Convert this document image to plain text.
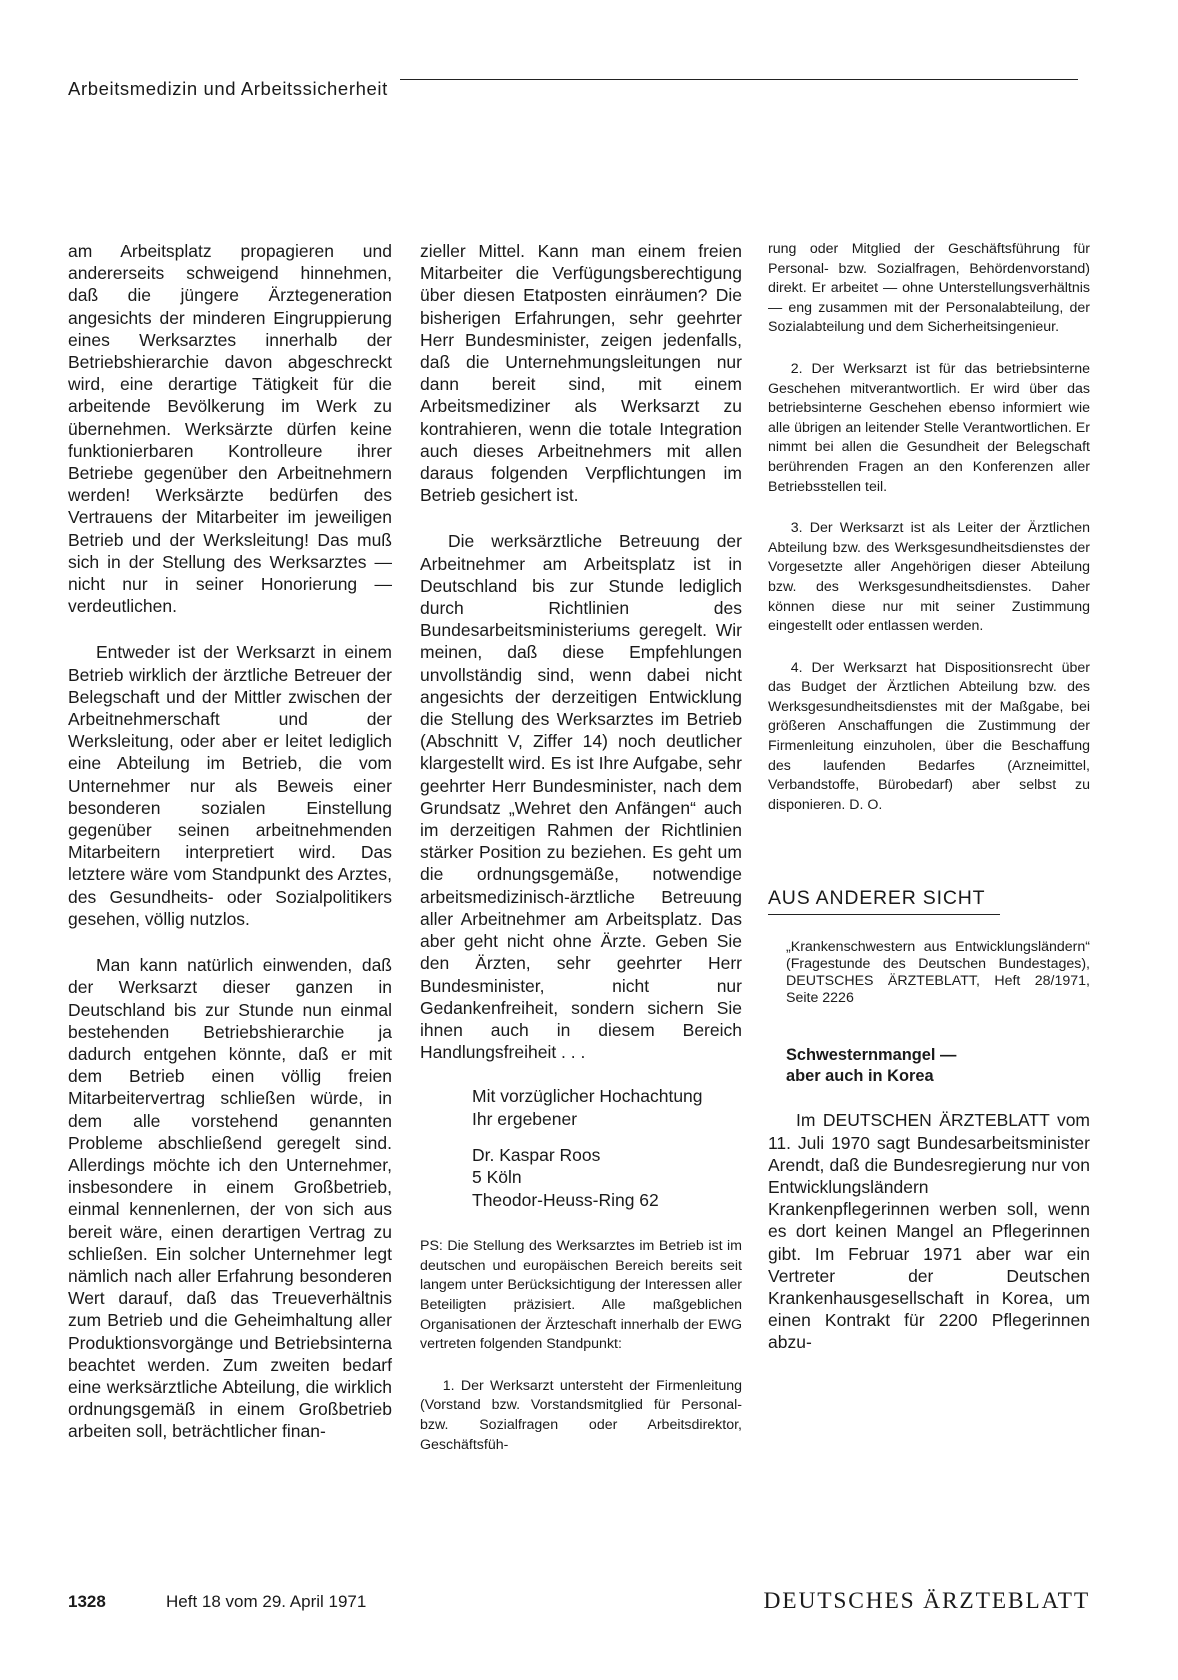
Arbeitsmedizin und Arbeitssicherheit

am Arbeitsplatz propagieren und andererseits schweigend hinnehmen, daß die jüngere Ärztegeneration angesichts der minderen Eingruppierung eines Werksarztes innerhalb der Betriebshierarchie davon abgeschreckt wird, eine derartige Tätigkeit für die arbeitende Bevölkerung im Werk zu übernehmen. Werksärzte dürfen keine funktionierbaren Kontrolleure ihrer Betriebe gegenüber den Arbeitnehmern werden! Werksärzte bedürfen des Vertrauens der Mitarbeiter im jeweiligen Betrieb und der Werksleitung! Das muß sich in der Stellung des Werksarztes — nicht nur in seiner Honorierung — verdeutlichen.

Entweder ist der Werksarzt in einem Betrieb wirklich der ärztliche Betreuer der Belegschaft und der Mittler zwischen der Arbeitnehmerschaft und der Werksleitung, oder aber er leitet lediglich eine Abteilung im Betrieb, die vom Unternehmer nur als Beweis einer besonderen sozialen Einstellung gegenüber seinen arbeitnehmenden Mitarbeitern interpretiert wird. Das letztere wäre vom Standpunkt des Arztes, des Gesundheits- oder Sozialpolitikers gesehen, völlig nutzlos.

Man kann natürlich einwenden, daß der Werksarzt dieser ganzen in Deutschland bis zur Stunde nun einmal bestehenden Betriebshierarchie ja dadurch entgehen könnte, daß er mit dem Betrieb einen völlig freien Mitarbeitervertrag schließen würde, in dem alle vorstehend genannten Probleme abschließend geregelt sind. Allerdings möchte ich den Unternehmer, insbesondere in einem Großbetrieb, einmal kennenlernen, der von sich aus bereit wäre, einen derartigen Vertrag zu schließen. Ein solcher Unternehmer legt nämlich nach aller Erfahrung besonderen Wert darauf, daß das Treueverhältnis zum Betrieb und die Geheimhaltung aller Produktionsvorgänge und Betriebsinterna beachtet werden. Zum zweiten bedarf eine werksärztliche Abteilung, die wirklich ordnungsgemäß in einem Großbetrieb arbeiten soll, beträchtlicher finan-

zieller Mittel. Kann man einem freien Mitarbeiter die Verfügungsberechtigung über diesen Etatposten einräumen? Die bisherigen Erfahrungen, sehr geehrter Herr Bundesminister, zeigen jedenfalls, daß die Unternehmungsleitungen nur dann bereit sind, mit einem Arbeitsmediziner als Werksarzt zu kontrahieren, wenn die totale Integration auch dieses Arbeitnehmers mit allen daraus folgenden Verpflichtungen im Betrieb gesichert ist.

Die werksärztliche Betreuung der Arbeitnehmer am Arbeitsplatz ist in Deutschland bis zur Stunde lediglich durch Richtlinien des Bundesarbeitsministeriums geregelt. Wir meinen, daß diese Empfehlungen unvollständig sind, wenn dabei nicht angesichts der derzeitigen Entwicklung die Stellung des Werksarztes im Betrieb (Abschnitt V, Ziffer 14) noch deutlicher klargestellt wird. Es ist Ihre Aufgabe, sehr geehrter Herr Bundesminister, nach dem Grundsatz „Wehret den Anfängen“ auch im derzeitigen Rahmen der Richtlinien stärker Position zu beziehen. Es geht um die ordnungsgemäße, notwendige arbeitsmedizinisch-ärztliche Betreuung aller Arbeitnehmer am Arbeitsplatz. Das aber geht nicht ohne Ärzte. Geben Sie den Ärzten, sehr geehrter Herr Bundesminister, nicht nur Gedankenfreiheit, sondern sichern Sie ihnen auch in diesem Bereich Handlungsfreiheit . . .

Mit vorzüglicher Hochachtung
Ihr ergebener
Dr. Kaspar Roos
5 Köln
Theodor-Heuss-Ring 62

PS: Die Stellung des Werksarztes im Betrieb ist im deutschen und europäischen Bereich bereits seit langem unter Berücksichtigung der Interessen aller Beteiligten präzisiert. Alle maßgeblichen Organisationen der Ärzteschaft innerhalb der EWG vertreten folgenden Standpunkt:

1. Der Werksarzt untersteht der Firmenleitung (Vorstand bzw. Vorstandsmitglied für Personal- bzw. Sozialfragen oder Arbeitsdirektor, Geschäftsfüh-

rung oder Mitglied der Geschäftsführung für Personal- bzw. Sozialfragen, Behördenvorstand) direkt. Er arbeitet — ohne Unterstellungsverhältnis — eng zusammen mit der Personalabteilung, der Sozialabteilung und dem Sicherheitsingenieur.

2. Der Werksarzt ist für das betriebsinterne Geschehen mitverantwortlich. Er wird über das betriebsinterne Geschehen ebenso informiert wie alle übrigen an leitender Stelle Verantwortlichen. Er nimmt bei allen die Gesundheit der Belegschaft berührenden Fragen an den Konferenzen aller Betriebsstellen teil.

3. Der Werksarzt ist als Leiter der Ärztlichen Abteilung bzw. des Werksgesundheitsdienstes der Vorgesetzte aller Angehörigen dieser Abteilung bzw. des Werksgesundheitsdienstes. Daher können diese nur mit seiner Zustimmung eingestellt oder entlassen werden.

4. Der Werksarzt hat Dispositionsrecht über das Budget der Ärztlichen Abteilung bzw. des Werksgesundheitsdienstes mit der Maßgabe, bei größeren Anschaffungen die Zustimmung der Firmenleitung einzuholen, über die Beschaffung des laufenden Bedarfes (Arzneimittel, Verbandstoffe, Bürobedarf) aber selbst zu disponieren. D. O.

AUS ANDERER SICHT

„Krankenschwestern aus Entwicklungsländern“ (Fragestunde des Deutschen Bundestages), DEUTSCHES ÄRZTEBLATT, Heft 28/1971, Seite 2226

Schwesternmangel —
aber auch in Korea

Im DEUTSCHEN ÄRZTEBLATT vom 11. Juli 1970 sagt Bundesarbeitsminister Arendt, daß die Bundesregierung nur von Entwicklungsländern Krankenpflegerinnen werben soll, wenn es dort keinen Mangel an Pflegerinnen gibt. Im Februar 1971 aber war ein Vertreter der Deutschen Krankenhausgesellschaft in Korea, um einen Kontrakt für 2200 Pflegerinnen abzu-

1328	Heft 18 vom 29. April 1971	DEUTSCHES ÄRZTEBLATT
